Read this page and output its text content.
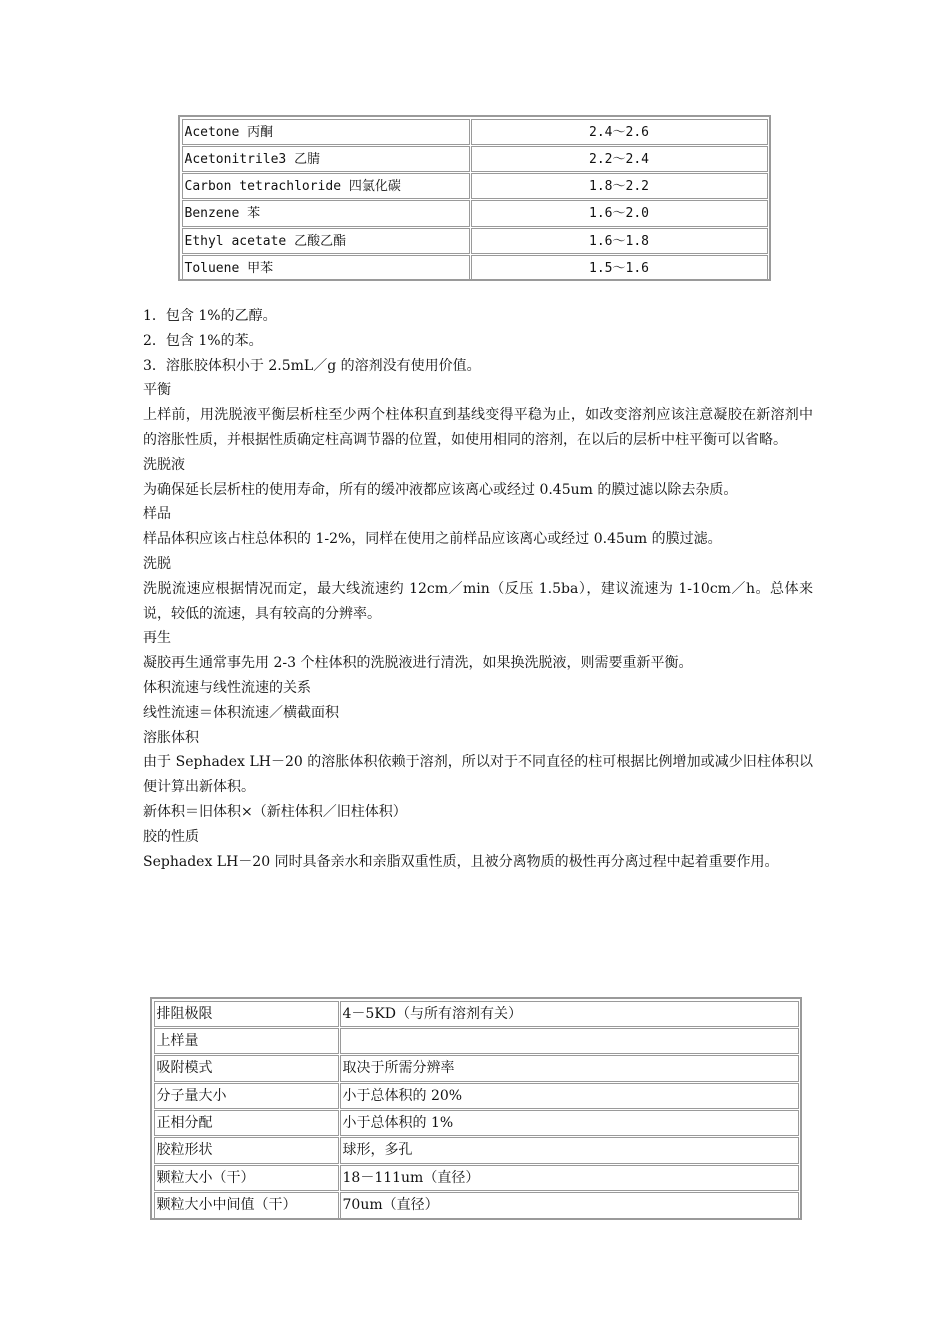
Acetone 丙酮	2.4～2.6
Acetonitrile3 乙腈	2.2～2.4
Carbon tetrachloride 四氯化碳	1.8～2.2
Benzene 苯	1.6～2.0
Ethyl acetate 乙酸乙酯	1.6～1.8
Toluene 甲苯	1.5～1.6

1．包含 1%的乙醇。

2．包含 1%的苯。

3．溶胀胶体积小于 2.5mL／g 的溶剂没有使用价值。

平衡

上样前，用洗脱液平衡层析柱至少两个柱体积直到基线变得平稳为止，如改变溶剂应该注意凝胶在新溶剂中的溶胀性质，并根据性质确定柱高调节器的位置，如使用相同的溶剂，在以后的层析中柱平衡可以省略。

洗脱液

为确保延长层析柱的使用寿命，所有的缓冲液都应该离心或经过 0.45um 的膜过滤以除去杂质。

样品

样品体积应该占柱总体积的 1-2%，同样在使用之前样品应该离心或经过 0.45um 的膜过滤。

洗脱

洗脱流速应根据情况而定，最大线流速约 12cm／min（反压 1.5ba），建议流速为 1-10cm／h。总体来说，较低的流速，具有较高的分辨率。

再生

凝胶再生通常事先用 2-3 个柱体积的洗脱液进行清洗，如果换洗脱液，则需要重新平衡。

体积流速与线性流速的关系

线性流速＝体积流速／横截面积

溶胀体积

由于 Sephadex LH－20 的溶胀体积依赖于溶剂，所以对于不同直径的柱可根据比例增加或减少旧柱体积以便计算出新体积。

新体积＝旧体积×（新柱体积／旧柱体积）

胶的性质

Sephadex LH－20 同时具备亲水和亲脂双重性质，且被分离物质的极性再分离过程中起着重要作用。

排阻极限	4－5KD（与所有溶剂有关）
上样量
吸附模式	取决于所需分辨率
分子量大小	小于总体积的 20%
正相分配	小于总体积的 1%
胶粒形状	球形，多孔
颗粒大小（干）	18－111um（直径）
颗粒大小中间值（干）	70um（直径）
